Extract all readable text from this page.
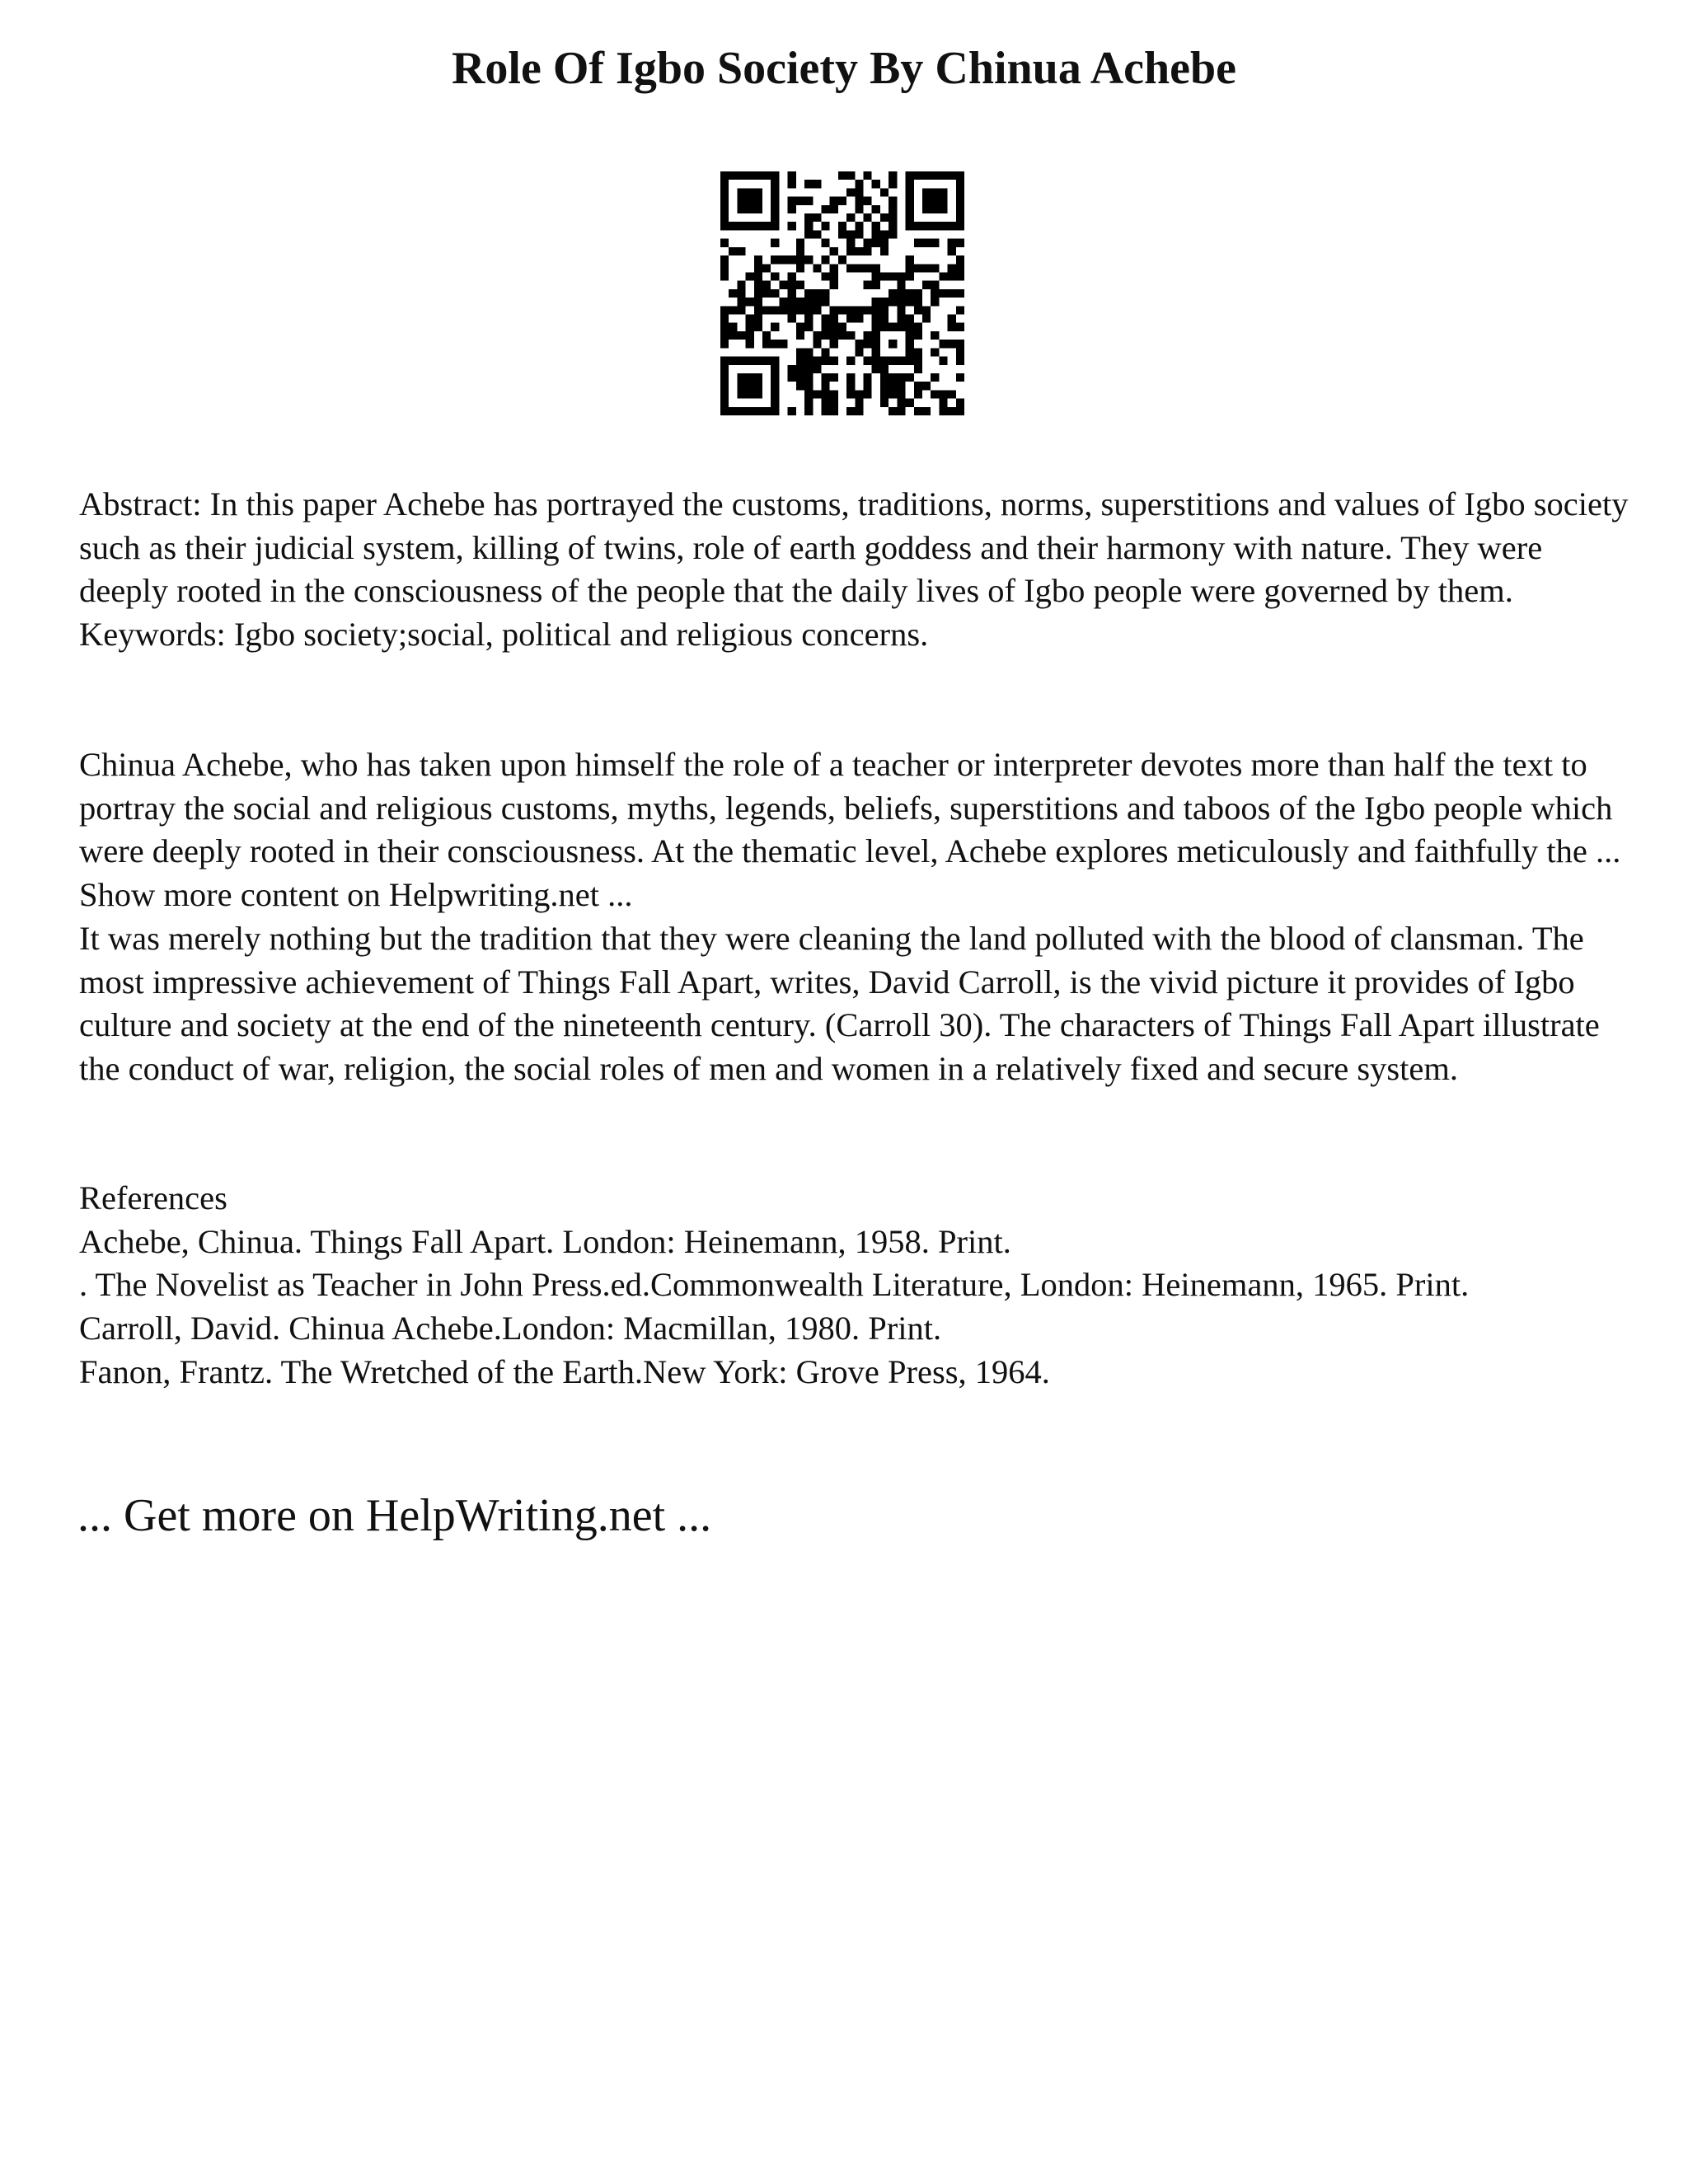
Role Of Igbo Society By Chinua Achebe

Abstract: In this paper Achebe has portrayed the customs, traditions, norms, superstitions and values of Igbo society such as their judicial system, killing of twins, role of earth goddess and their harmony with nature. They were deeply rooted in the consciousness of the people that the daily lives of Igbo people were governed by them.

Keywords: Igbo society;social, political and religious concerns.

Chinua Achebe, who has taken upon himself the role of a teacher or interpreter devotes more than half the text to portray the social and religious customs, myths, legends, beliefs, superstitions and taboos of the Igbo people which were deeply rooted in their consciousness. At the thematic level, Achebe explores meticulously and faithfully the ... Show more content on Helpwriting.net ...

It was merely nothing but the tradition that they were cleaning the land polluted with the blood of clansman. The most impressive achievement of Things Fall Apart, writes, David Carroll, is the vivid picture it provides of Igbo culture and society at the end of the nineteenth century. (Carroll 30). The characters of Things Fall Apart illustrate the conduct of war, religion, the social roles of men and women in a relatively fixed and secure system.

References
Achebe, Chinua. Things Fall Apart. London: Heinemann, 1958. Print.
. The Novelist as Teacher in John Press.ed.Commonwealth Literature, London: Heinemann, 1965. Print.
Carroll, David. Chinua Achebe.London: Macmillan, 1980. Print.
Fanon, Frantz. The Wretched of the Earth.New York: Grove Press, 1964.
... Get more on HelpWriting.net ...
